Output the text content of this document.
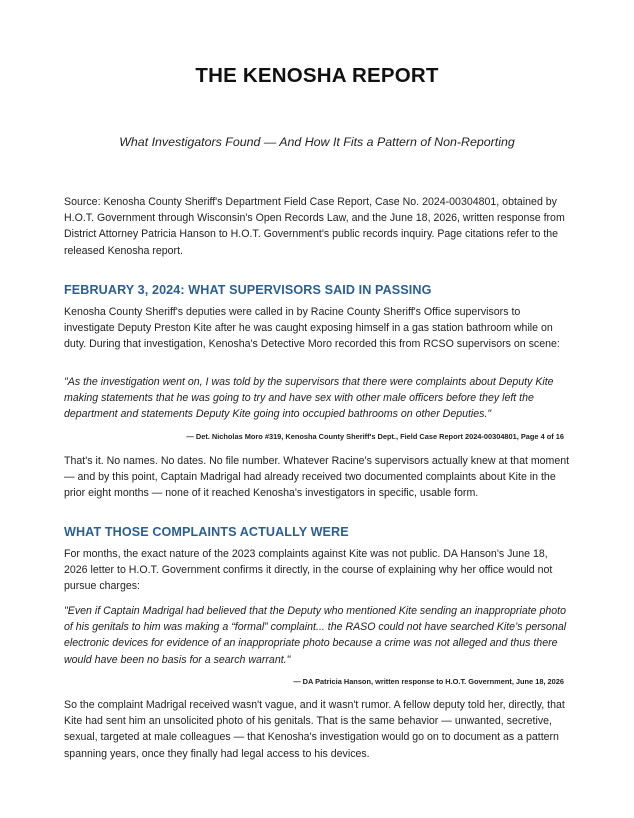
THE KENOSHA REPORT

What Investigators Found — And How It Fits a Pattern of Non-Reporting

Source: Kenosha County Sheriff's Department Field Case Report, Case No. 2024-00304801, obtained by H.O.T. Government through Wisconsin's Open Records Law, and the June 18, 2026, written response from District Attorney Patricia Hanson to H.O.T. Government's public records inquiry. Page citations refer to the released Kenosha report.

FEBRUARY 3, 2024: WHAT SUPERVISORS SAID IN PASSING

Kenosha County Sheriff's deputies were called in by Racine County Sheriff's Office supervisors to investigate Deputy Preston Kite after he was caught exposing himself in a gas station bathroom while on duty. During that investigation, Kenosha's Detective Moro recorded this from RCSO supervisors on scene:

"As the investigation went on, I was told by the supervisors that there were complaints about Deputy Kite making statements that he was going to try and have sex with other male officers before they left the department and statements Deputy Kite going into occupied bathrooms on other Deputies."

— Det. Nicholas Moro #319, Kenosha County Sheriff's Dept., Field Case Report 2024-00304801, Page 4 of 16

That's it. No names. No dates. No file number. Whatever Racine's supervisors actually knew at that moment — and by this point, Captain Madrigal had already received two documented complaints about Kite in the prior eight months — none of it reached Kenosha's investigators in specific, usable form.

WHAT THOSE COMPLAINTS ACTUALLY WERE

For months, the exact nature of the 2023 complaints against Kite was not public. DA Hanson's June 18, 2026 letter to H.O.T. Government confirms it directly, in the course of explaining why her office would not pursue charges:

"Even if Captain Madrigal had believed that the Deputy who mentioned Kite sending an inappropriate photo of his genitals to him was making a “formal” complaint... the RASO could not have searched Kite’s personal electronic devices for evidence of an inappropriate photo because a crime was not alleged and thus there would have been no basis for a search warrant."

— DA Patricia Hanson, written response to H.O.T. Government, June 18, 2026

So the complaint Madrigal received wasn't vague, and it wasn't rumor. A fellow deputy told her, directly, that Kite had sent him an unsolicited photo of his genitals. That is the same behavior — unwanted, secretive, sexual, targeted at male colleagues — that Kenosha's investigation would go on to document as a pattern spanning years, once they finally had legal access to his devices.
